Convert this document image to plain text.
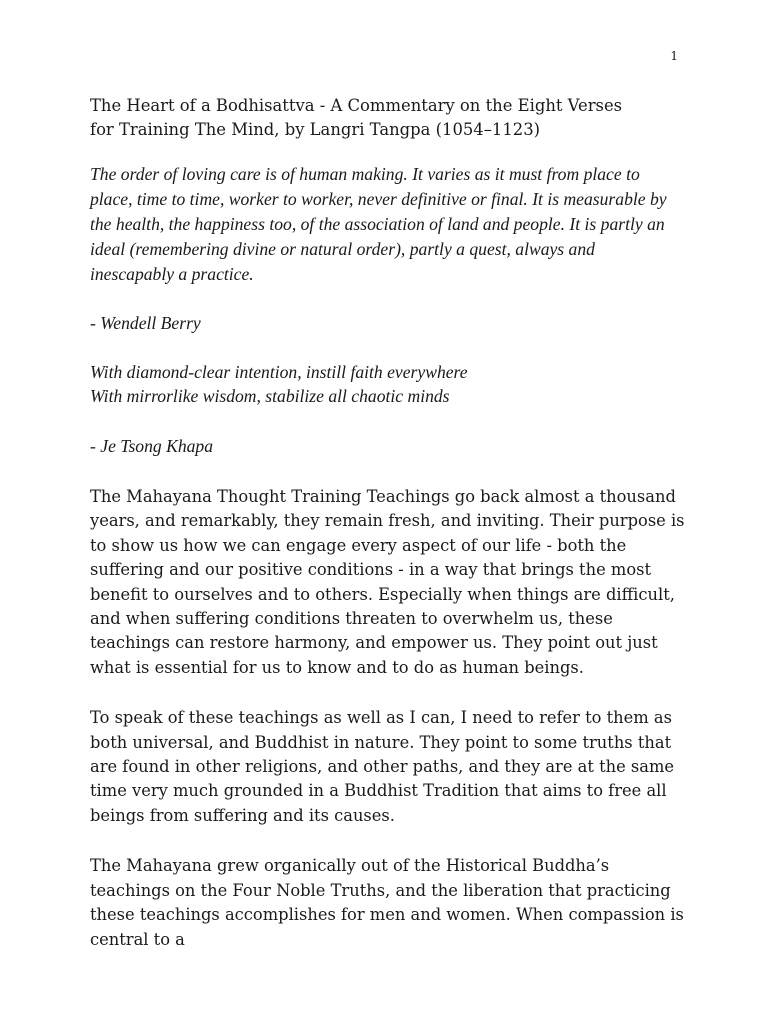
1
The Heart of a Bodhisattva - A Commentary on the Eight Verses for Training The Mind, by Langri Tangpa (1054–1123)

The order of loving care is of human making. It varies as it must from place to place, time to time, worker to worker, never definitive or final. It is measurable by the health, the happiness too, of the association of land and people. It is partly an ideal (remembering divine or natural order), partly a quest, always and inescapably a practice.

- Wendell Berry

With diamond-clear intention, instill faith everywhere
With mirrorlike wisdom, stabilize all chaotic minds

- Je Tsong Khapa

The Mahayana Thought Training Teachings go back almost a thousand years, and remarkably, they remain fresh, and inviting. Their purpose is to show us how we can engage every aspect of our life - both the suffering and our positive conditions - in a way that brings the most benefit to ourselves and to others. Especially when things are difficult, and when suffering conditions threaten to overwhelm us, these teachings can restore harmony, and empower us. They point out just what is essential for us to know and to do as human beings.

To speak of these teachings as well as I can, I need to refer to them as both universal, and Buddhist in nature. They point to some truths that are found in other religions, and other paths, and they are at the same time very much grounded in a Buddhist Tradition that aims to free all beings from suffering and its causes.

The Mahayana grew organically out of the Historical Buddha’s teachings on the Four Noble Truths, and the liberation that practicing these teachings accomplishes for men and women. When compassion is central to a
